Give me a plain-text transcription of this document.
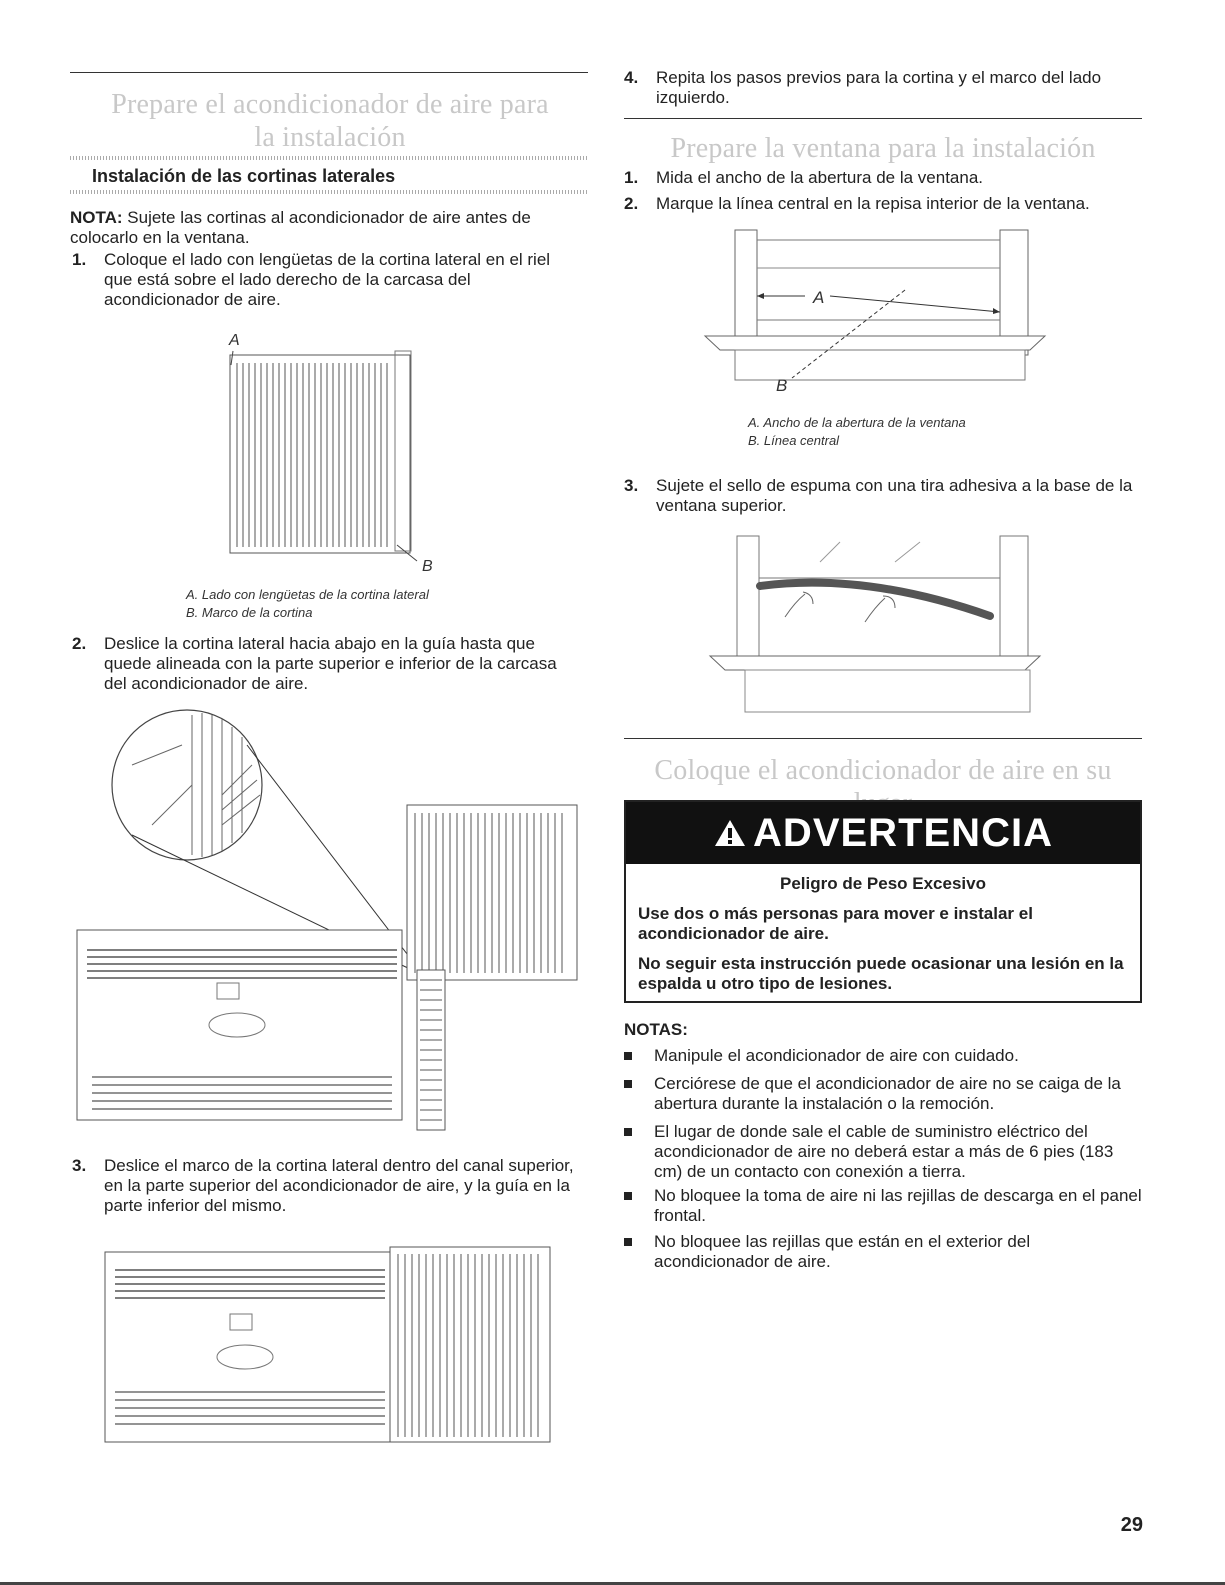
Prepare el acondicionador de aire para la instalación
Instalación de las cortinas laterales
NOTA: Sujete las cortinas al acondicionador de aire antes de colocarlo en la ventana.
1. Coloque el lado con lengüetas de la cortina lateral en el riel que está sobre el lado derecho de la carcasa del acondicionador de aire.
A
B
A. Lado con lengüetas de la cortina lateral
B. Marco de la cortina
2. Deslice la cortina lateral hacia abajo en la guía hasta que quede alineada con la parte superior e inferior de la carcasa del acondicionador de aire.
3. Deslice el marco de la cortina lateral dentro del canal superior, en la parte superior del acondicionador de aire, y la guía en la parte inferior del mismo.
4. Repita los pasos previos para la cortina y el marco del lado izquierdo.
Prepare la ventana para la instalación
1. Mida el ancho de la abertura de la ventana.
2. Marque la línea central en la repisa interior de la ventana.
A
B
A. Ancho de la abertura de la ventana
B. Línea central
3. Sujete el sello de espuma con una tira adhesiva a la base de la ventana superior.
Coloque el acondicionador de aire en su
ADVERTENCIA
Peligro de Peso Excesivo
Use dos o más personas para mover e instalar el acondicionador de aire.
No seguir esta instrucción puede ocasionar una lesión en la espalda u otro tipo de lesiones.
NOTAS:
Manipule el acondicionador de aire con cuidado.
Cerciórese de que el acondicionador de aire no se caiga de la abertura durante la instalación o la remoción.
El lugar de donde sale el cable de suministro eléctrico del acondicionador de aire no deberá estar a más de 6 pies (183 cm) de un contacto con conexión a tierra.
No bloquee la toma de aire ni las rejillas de descarga en el panel frontal.
No bloquee las rejillas que están en el exterior del acondicionador de aire.
29
